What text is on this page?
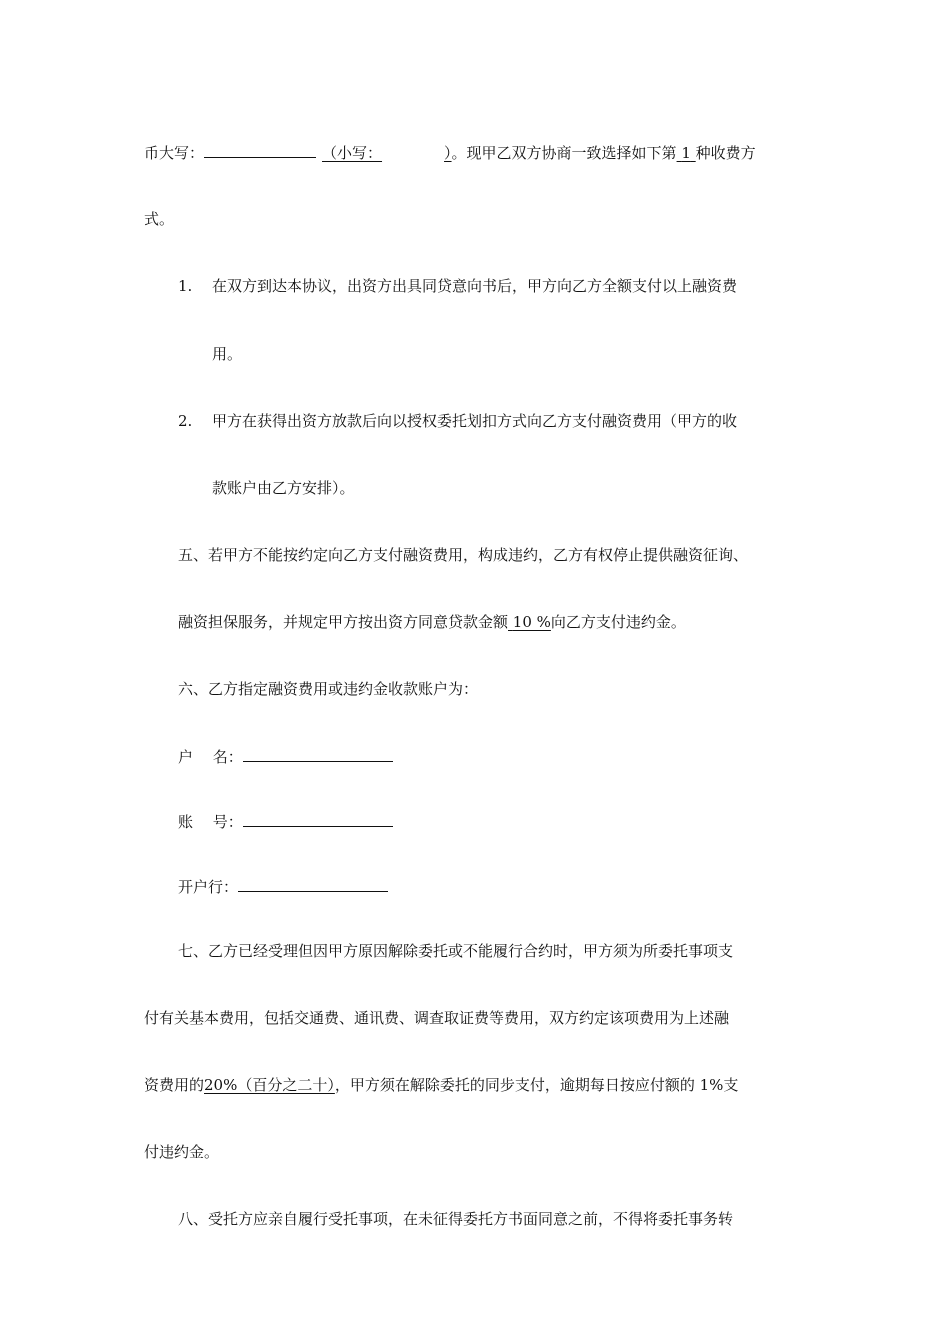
币大写：	（小写：	）。现甲乙双方协商一致选择如下第 1 种收费方
式。
1. 在双方到达本协议，出资方出具同贷意向书后，甲方向乙方全额支付以上融资费
用。
2. 甲方在获得出资方放款后向以授权委托划扣方式向乙方支付融资费用（甲方的收
款账户由乙方安排）。
五、若甲方不能按约定向乙方支付融资费用，构成违约，乙方有权停止提供融资征询、
融资担保服务，并规定甲方按出资方同意贷款金额 10 %向乙方支付违约金。
六、乙方指定融资费用或违约金收款账户为：
户　 名：
账　 号：
开户行：
七、乙方已经受理但因甲方原因解除委托或不能履行合约时，甲方须为所委托事项支
付有关基本费用，包括交通费、通讯费、调查取证费等费用，双方约定该项费用为上述融
资费用的20%（百分之二十），甲方须在解除委托的同步支付，逾期每日按应付额的 1%支
付违约金。
八、受托方应亲自履行受托事项，在未征得委托方书面同意之前，不得将委托事务转
